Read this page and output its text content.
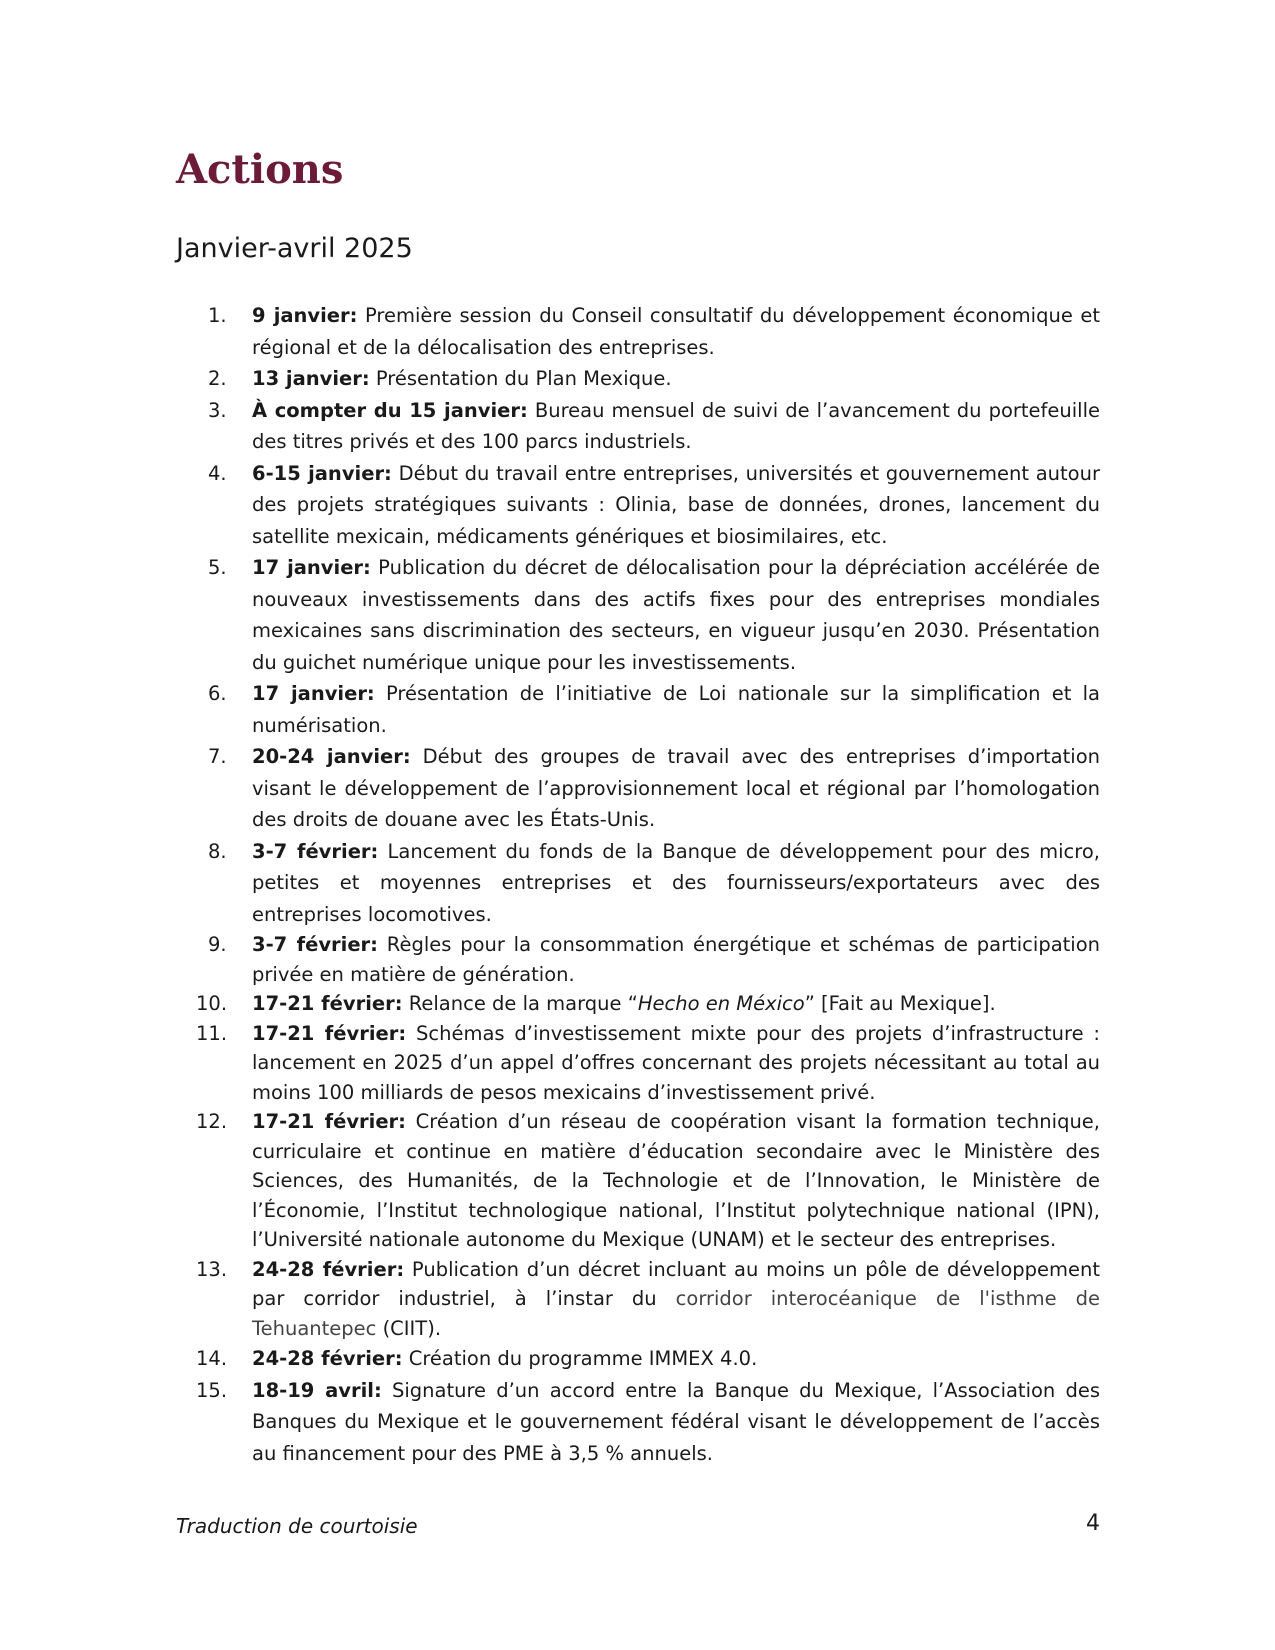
Actions
Janvier-avril 2025
1.	9 janvier: Première session du Conseil consultatif du développement économique et régional et de la délocalisation des entreprises.
2.	13 janvier: Présentation du Plan Mexique.
3.	À compter du 15 janvier: Bureau mensuel de suivi de l’avancement du portefeuille des titres privés et des 100 parcs industriels.
4.	6-15 janvier: Début du travail entre entreprises, universités et gouvernement autour des projets stratégiques suivants : Olinia, base de données, drones, lancement du satellite mexicain, médicaments génériques et biosimilaires, etc.
5.	17 janvier: Publication du décret de délocalisation pour la dépréciation accélérée de nouveaux investissements dans des actifs fixes pour des entreprises mondiales mexicaines sans discrimination des secteurs, en vigueur jusqu’en 2030. Présentation du guichet numérique unique pour les investissements.
6.	17 janvier: Présentation de l’initiative de Loi nationale sur la simplification et la numérisation.
7.	20-24 janvier: Début des groupes de travail avec des entreprises d’importation visant le développement de l’approvisionnement local et régional par l’homologation des droits de douane avec les États-Unis.
8.	3-7 février: Lancement du fonds de la Banque de développement pour des micro, petites et moyennes entreprises et des fournisseurs/exportateurs avec des entreprises locomotives.
9.	3-7 février: Règles pour la consommation énergétique et schémas de participation privée en matière de génération.
10. 17-21 février: Relance de la marque “Hecho en México” [Fait au Mexique].
11. 17-21 février: Schémas d’investissement mixte pour des projets d’infrastructure : lancement en 2025 d’un appel d’offres concernant des projets nécessitant au total au moins 100 milliards de pesos mexicains d’investissement privé.
12. 17-21 février: Création d’un réseau de coopération visant la formation technique, curriculaire et continue en matière d’éducation secondaire avec le Ministère des Sciences, des Humanités, de la Technologie et de l’Innovation, le Ministère de l’Économie, l’Institut technologique national, l’Institut polytechnique national (IPN), l’Université nationale autonome du Mexique (UNAM) et le secteur des entreprises.
13. 24-28 février: Publication d’un décret incluant au moins un pôle de développement par corridor industriel, à l’instar du corridor interocéanique de l'isthme de Tehuantepec (CIIT).
14. 24-28 février: Création du programme IMMEX 4.0.
15. 18-19 avril: Signature d’un accord entre la Banque du Mexique, l’Association des Banques du Mexique et le gouvernement fédéral visant le développement de l’accès au financement pour des PME à 3,5 % annuels.
Traduction de courtoisie	4
